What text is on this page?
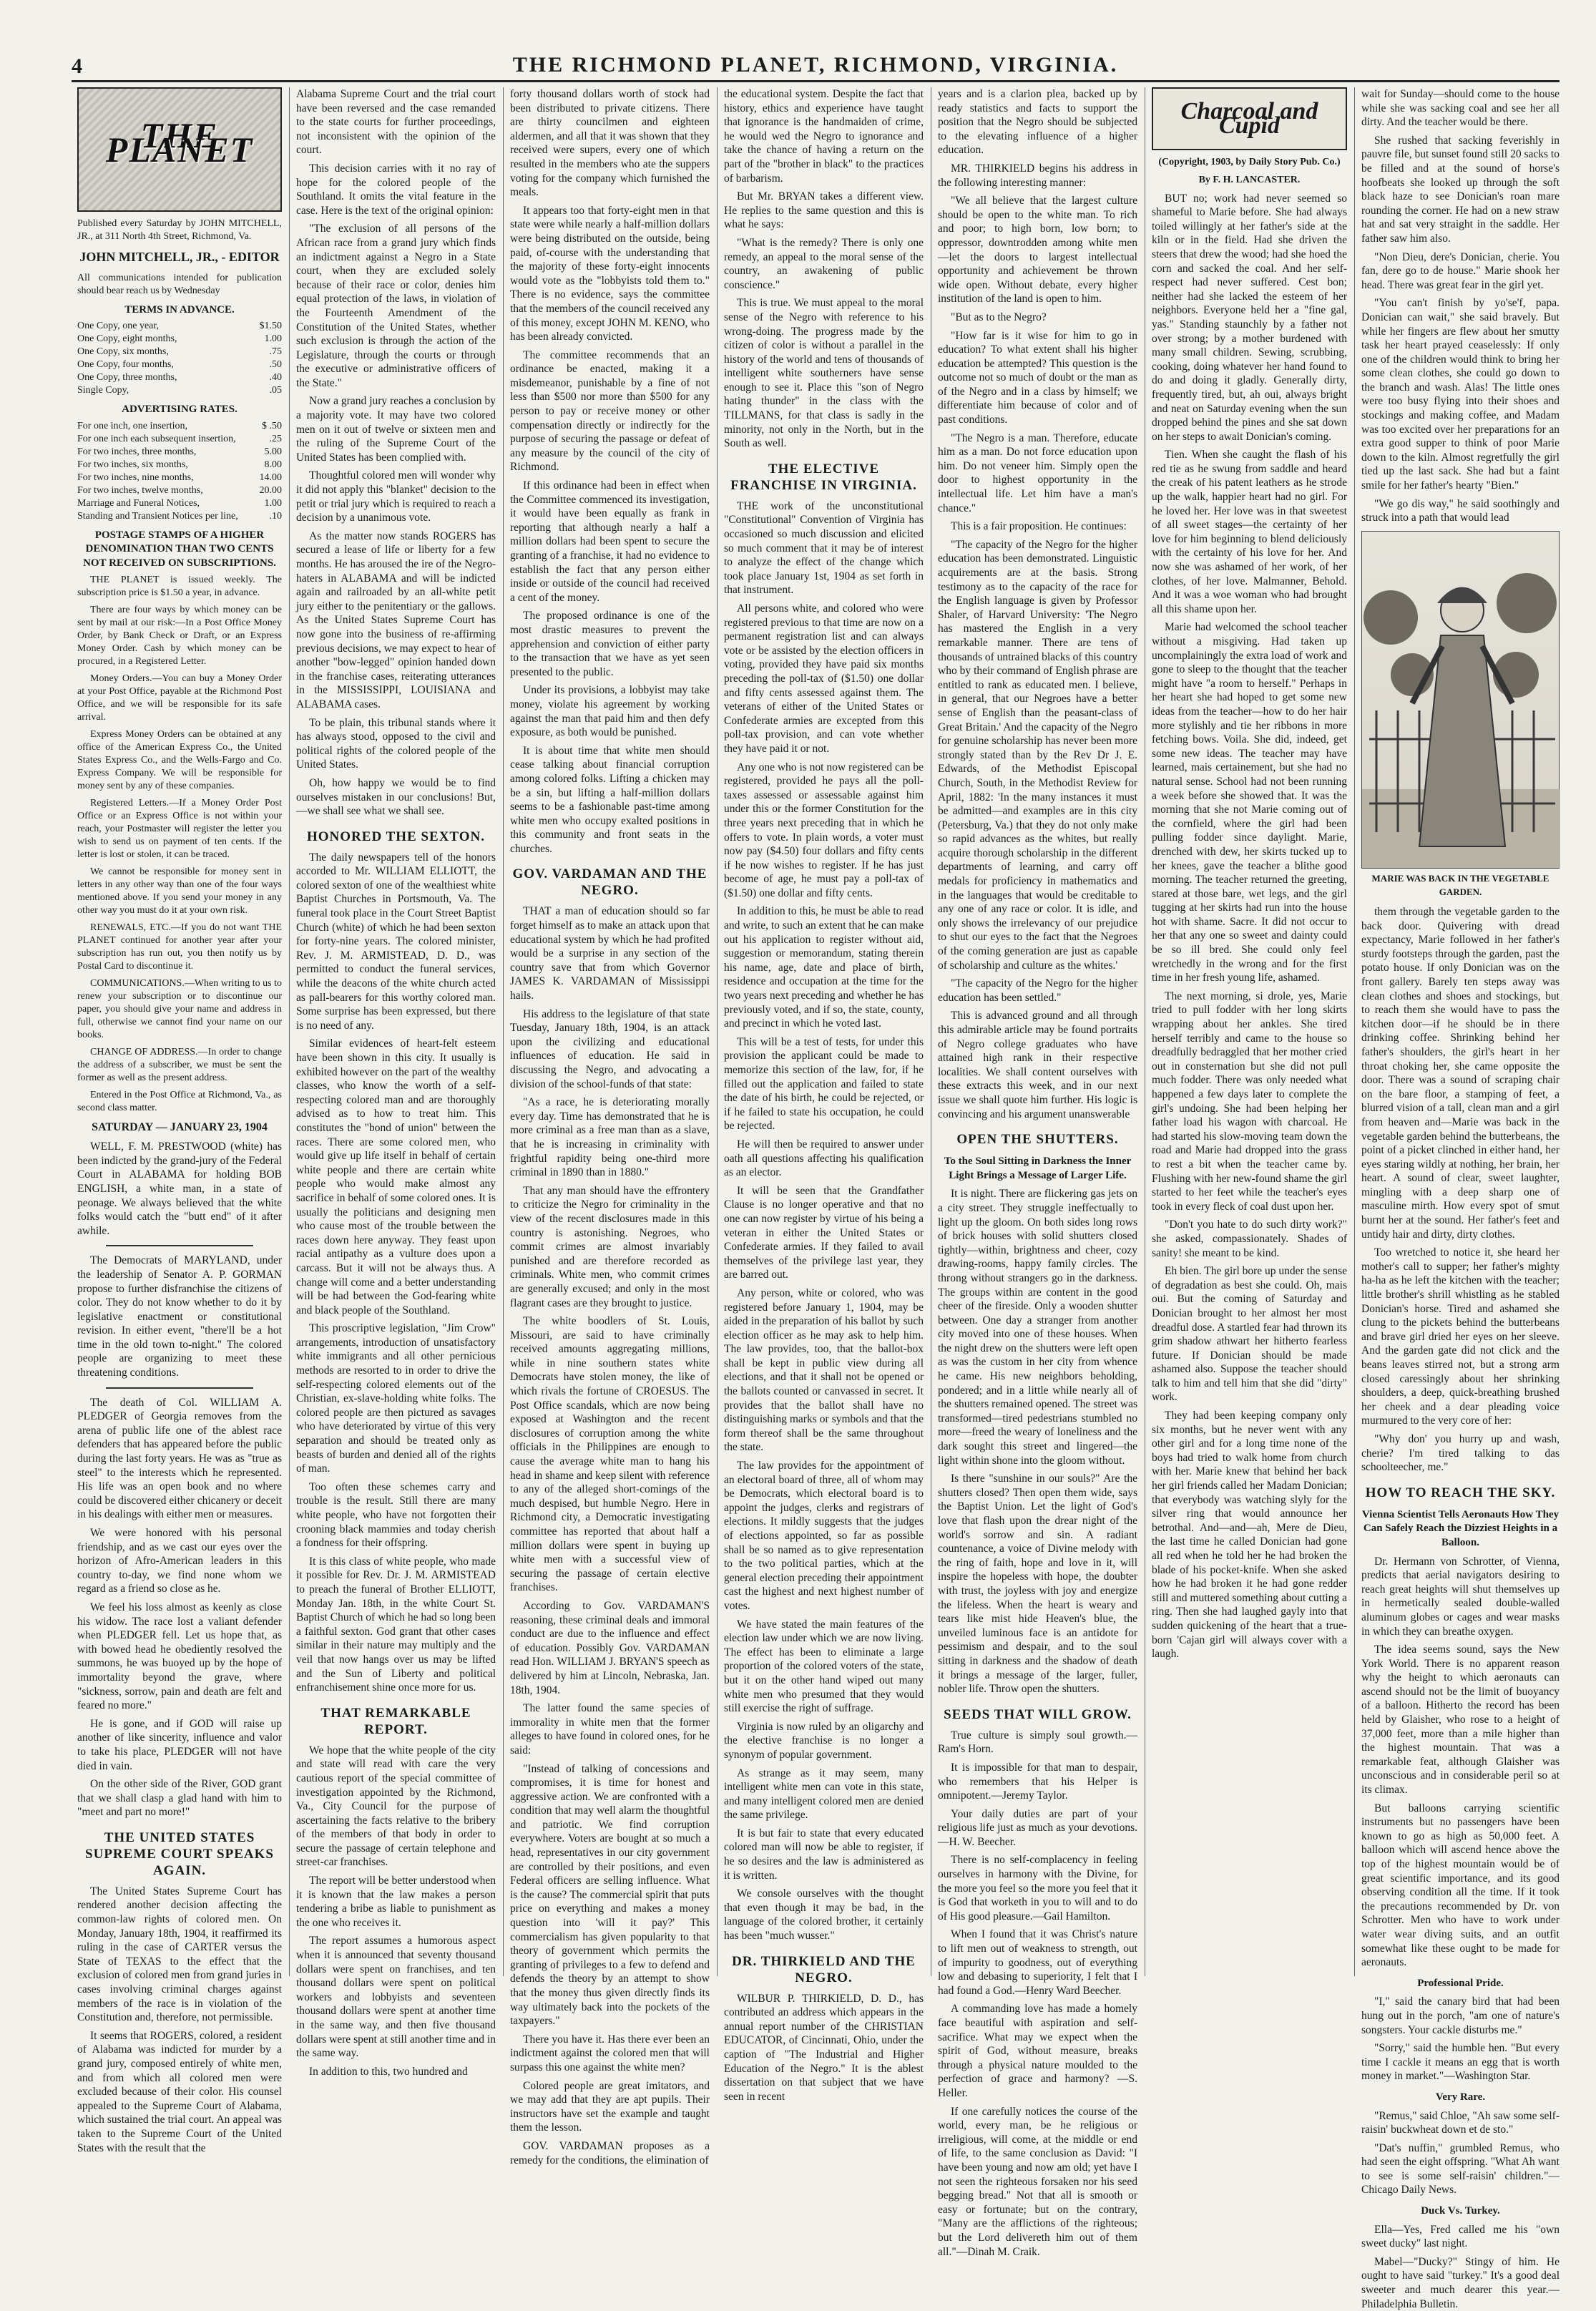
4	THE RICHMOND PLANET, RICHMOND, VIRGINIA.
THE PLANET

Published every Saturday by JOHN MITCHELL, JR., at 311 North 4th Street, Richmond, Va.

JOHN MITCHELL, JR., - EDITOR

All communications intended for publication should bear reach us by Wednesday

TERMS IN ADVANCE.
One Copy, one year,	$1.50
One Copy, eight months,	1.00
One Copy, six months,	.75
One Copy, four months,	.50
One Copy, three months,	.40
Single Copy,	.05
ADVERTISING RATES.
For one inch, one insertion,	$ .50
For one inch each subsequent insertion,	.25
For two inches, three months,	5.00
For two inches, six months,	8.00
For two inches, nine months,	14.00
For two inches, twelve months,	20.00
Marriage and Funeral Notices,	1.00
Standing and Transient Notices per line,	.10
POSTAGE STAMPS OF A HIGHER DENOMINATION THAN TWO CENTS NOT RECEIVED ON SUBSCRIPTIONS.

THE PLANET is issued weekly. The subscription price is $1.50 a year, in advance.

There are four ways by which money can be sent by mail at our risk:—In a Post Office Money Order, by Bank Check or Draft, or an Express Money Order. Cash by which money can be procured, in a Registered Letter.

Money Orders.—You can buy a Money Order at your Post Office, payable at the Richmond Post Office, and we will be responsible for its safe arrival.

Express Money Orders can be obtained at any office of the American Express Co., the United States Express Co., and the Wells-Fargo and Co. Express Company. We will be responsible for money sent by any of these companies.

Registered Letters.—If a Money Order Post Office or an Express Office is not within your reach, your Postmaster will register the letter you wish to send us on payment of ten cents. If the letter is lost or stolen, it can be traced.

We cannot be responsible for money sent in letters in any other way than one of the four ways mentioned above. If you send your money in any other way you must do it at your own risk.

RENEWALS, ETC.—If you do not want THE PLANET continued for another year after your subscription has run out, you then notify us by Postal Card to discontinue it.

COMMUNICATIONS.—When writing to us to renew your subscription or to discontinue our paper, you should give your name and address in full, otherwise we cannot find your name on our books.

CHANGE OF ADDRESS.—In order to change the address of a subscriber, we must be sent the former as well as the present address.

Entered in the Post Office at Richmond, Va., as second class matter.

SATURDAY — JANUARY 23, 1904

WELL, F. M. PRESTWOOD (white) has been indicted by the grand-jury of the Federal Court in ALABAMA for holding BOB ENGLISH, a white man, in a state of peonage. We always believed that the white folks would catch the "butt end" of it after awhile.

The Democrats of MARYLAND, under the leadership of Senator A. P. GORMAN propose to further disfranchise the citizens of color. They do not know whether to do it by legislative enactment or constitutional revision. In either event, "there'll be a hot time in the old town to-night." The colored people are organizing to meet these threatening conditions.

The death of Col. WILLIAM A. PLEDGER of Georgia removes from the arena of public life one of the ablest race defenders that has appeared before the public during the last forty years. He was as "true as steel" to the interests which he represented. His life was an open book and no where could be discovered either chicanery or deceit in his dealings with either men or measures.

We were honored with his personal friendship, and as we cast our eyes over the horizon of Afro-American leaders in this country to-day, we find none whom we regard as a friend so close as he.

We feel his loss almost as keenly as close his widow. The race lost a valiant defender when PLEDGER fell. Let us hope that, as with bowed head he obediently resolved the summons, he was buoyed up by the hope of immortality beyond the grave, where "sickness, sorrow, pain and death are felt and feared no more."

He is gone, and if GOD will raise up another of like sincerity, influence and valor to take his place, PLEDGER will not have died in vain.

On the other side of the River, GOD grant that we shall clasp a glad hand with him to "meet and part no more!"

THE UNITED STATES SUPREME COURT SPEAKS AGAIN.

The United States Supreme Court has rendered another decision affecting the common-law rights of colored men. On Monday, January 18th, 1904, it reaffirmed its ruling in the case of CARTER versus the State of TEXAS to the effect that the exclusion of colored men from grand juries in cases involving criminal charges against members of the race is in violation of the Constitution and, therefore, not permissible.

It seems that ROGERS, colored, a resident of Alabama was indicted for murder by a grand jury, composed entirely of white men, and from which all colored men were excluded because of their color. His counsel appealed to the Supreme Court of Alabama, which sustained the trial court. An appeal was taken to the Supreme Court of the United States with the result that the

Alabama Supreme Court and the trial court have been reversed and the case remanded to the state courts for further proceedings, not inconsistent with the opinion of the court.

This decision carries with it no ray of hope for the colored people of the Southland. It omits the vital feature in the case. Here is the text of the original opinion:

"The exclusion of all persons of the African race from a grand jury which finds an indictment against a Negro in a State court, when they are excluded solely because of their race or color, denies him equal protection of the laws, in violation of the Fourteenth Amendment of the Constitution of the United States, whether such exclusion is through the action of the Legislature, through the courts or through the executive or administrative officers of the State."

Now a grand jury reaches a conclusion by a majority vote. It may have two colored men on it out of twelve or sixteen men and the ruling of the Supreme Court of the United States has been complied with.

Thoughtful colored men will wonder why it did not apply this "blanket" decision to the petit or trial jury which is required to reach a decision by a unanimous vote.

As the matter now stands ROGERS has secured a lease of life or liberty for a few months. He has aroused the ire of the Negro-haters in ALABAMA and will be indicted again and railroaded by an all-white petit jury either to the penitentiary or the gallows. As the United States Supreme Court has now gone into the business of re-affirming previous decisions, we may expect to hear of another "bow-legged" opinion handed down in the franchise cases, reiterating utterances in the MISSISSIPPI, LOUISIANA and ALABAMA cases.

To be plain, this tribunal stands where it has always stood, opposed to the civil and political rights of the colored people of the United States.

Oh, how happy we would be to find ourselves mistaken in our conclusions! But,—we shall see what we shall see.

HONORED THE SEXTON.

The daily newspapers tell of the honors accorded to Mr. WILLIAM ELLIOTT, the colored sexton of one of the wealthiest white Baptist Churches in Portsmouth, Va. The funeral took place in the Court Street Baptist Church (white) of which he had been sexton for forty-nine years. The colored minister, Rev. J. M. ARMISTEAD, D. D., was permitted to conduct the funeral services, while the deacons of the white church acted as pall-bearers for this worthy colored man. Some surprise has been expressed, but there is no need of any.

Similar evidences of heart-felt esteem have been shown in this city. It usually is exhibited however on the part of the wealthy classes, who know the worth of a self-respecting colored man and are thoroughly advised as to how to treat him. This constitutes the "bond of union" between the races. There are some colored men, who would give up life itself in behalf of certain white people and there are certain white people who would make almost any sacrifice in behalf of some colored ones. It is usually the politicians and designing men who cause most of the trouble between the races down here anyway. They feast upon racial antipathy as a vulture does upon a carcass. But it will not be always thus. A change will come and a better understanding will be had between the God-fearing white and black people of the Southland.

This proscriptive legislation, "Jim Crow" arrangements, introduction of unsatisfactory white immigrants and all other pernicious methods are resorted to in order to drive the self-respecting colored elements out of the Christian, ex-slave-holding white folks. The colored people are then pictured as savages who have deteriorated by virtue of this very separation and should be treated only as beasts of burden and denied all of the rights of man.

Too often these schemes carry and trouble is the result. Still there are many white people, who have not forgotten their crooning black mammies and today cherish a fondness for their offspring.

It is this class of white people, who made it possible for Rev. Dr. J. M. ARMISTEAD to preach the funeral of Brother ELLIOTT, Monday Jan. 18th, in the white Court St. Baptist Church of which he had so long been a faithful sexton. God grant that other cases similar in their nature may multiply and the veil that now hangs over us may be lifted and the Sun of Liberty and political enfranchisement shine once more for us.

THAT REMARKABLE REPORT.

We hope that the white people of the city and state will read with care the very cautious report of the special committee of investigation appointed by the Richmond, Va., City Council for the purpose of ascertaining the facts relative to the bribery of the members of that body in order to secure the passage of certain telephone and street-car franchises.

The report will be better understood when it is known that the law makes a person tendering a bribe as liable to punishment as the one who receives it.

The report assumes a humorous aspect when it is announced that seventy thousand dollars were spent on franchises, and ten thousand dollars were spent on political workers and lobbyists and seventeen thousand dollars were spent at another time in the same way, and then five thousand dollars were spent at still another time and in the same way.

In addition to this, two hundred and

forty thousand dollars worth of stock had been distributed to private citizens. There are thirty councilmen and eighteen aldermen, and all that it was shown that they received were supers, every one of which resulted in the members who ate the suppers voting for the company which furnished the meals.

It appears too that forty-eight men in that state were while nearly a half-million dollars were being distributed on the outside, being paid, of-course with the understanding that the majority of these forty-eight innocents would vote as the "lobbyists told them to." There is no evidence, says the committee that the members of the council received any of this money, except JOHN M. KENO, who has been already convicted.

The committee recommends that an ordinance be enacted, making it a misdemeanor, punishable by a fine of not less than $500 nor more than $500 for any person to pay or receive money or other compensation directly or indirectly for the purpose of securing the passage or defeat of any measure by the council of the city of Richmond.

If this ordinance had been in effect when the Committee commenced its investigation, it would have been equally as frank in reporting that although nearly a half a million dollars had been spent to secure the granting of a franchise, it had no evidence to establish the fact that any person either inside or outside of the council had received a cent of the money.

The proposed ordinance is one of the most drastic measures to prevent the apprehension and conviction of either party to the transaction that we have as yet seen presented to the public.

Under its provisions, a lobbyist may take money, violate his agreement by working against the man that paid him and then defy exposure, as both would be punished.

It is about time that white men should cease talking about financial corruption among colored folks. Lifting a chicken may be a sin, but lifting a half-million dollars seems to be a fashionable past-time among white men who occupy exalted positions in this community and front seats in the churches.

GOV. VARDAMAN AND THE NEGRO.

THAT a man of education should so far forget himself as to make an attack upon that educational system by which he had profited would be a surprise in any section of the country save that from which Governor JAMES K. VARDAMAN of Mississippi hails.

His address to the legislature of that state Tuesday, January 18th, 1904, is an attack upon the civilizing and educational influences of education. He said in discussing the Negro, and advocating a division of the school-funds of that state:

"As a race, he is deteriorating morally every day. Time has demonstrated that he is more criminal as a free man than as a slave, that he is increasing in criminality with frightful rapidity being one-third more criminal in 1890 than in 1880."

That any man should have the effrontery to criticize the Negro for criminality in the view of the recent disclosures made in this country is astonishing. Negroes, who commit crimes are almost invariably punished and are therefore recorded as criminals. White men, who commit crimes are generally excused; and only in the most flagrant cases are they brought to justice.

The white boodlers of St. Louis, Missouri, are said to have criminally received amounts aggregating millions, while in nine southern states white Democrats have stolen money, the like of which rivals the fortune of CROESUS. The Post Office scandals, which are now being exposed at Washington and the recent disclosures of corruption among the white officials in the Philippines are enough to cause the average white man to hang his head in shame and keep silent with reference to any of the alleged short-comings of the much despised, but humble Negro. Here in Richmond city, a Democratic investigating committee has reported that about half a million dollars were spent in buying up white men with a successful view of securing the passage of certain elective franchises.

According to Gov. VARDAMAN'S reasoning, these criminal deals and immoral conduct are due to the influence and effect of education. Possibly Gov. VARDAMAN read Hon. WILLIAM J. BRYAN'S speech as delivered by him at Lincoln, Nebraska, Jan. 18th, 1904.

The latter found the same species of immorality in white men that the former alleges to have found in colored ones, for he said:

"Instead of talking of concessions and compromises, it is time for honest and aggressive action. We are confronted with a condition that may well alarm the thoughtful and patriotic. We find corruption everywhere. Voters are bought at so much a head, representatives in our city government are controlled by their positions, and even Federal officers are selling influence. What is the cause? The commercial spirit that puts price on everything and makes a money question into 'will it pay?' This commercialism has given popularity to that theory of government which permits the granting of privileges to a few to defend and defends the theory by an attempt to show that the money thus given directly finds its way ultimately back into the pockets of the taxpayers."

There you have it. Has there ever been an indictment against the colored men that will surpass this one against the white men?

Colored people are great imitators, and we may add that they are apt pupils. Their instructors have set the example and taught them the lesson.

GOV. VARDAMAN proposes as a remedy for the conditions, the elimination of

the educational system. Despite the fact that history, ethics and experience have taught that ignorance is the handmaiden of crime, he would wed the Negro to ignorance and take the chance of having a return on the part of the "brother in black" to the practices of barbarism.

But Mr. BRYAN takes a different view. He replies to the same question and this is what he says:

"What is the remedy? There is only one remedy, an appeal to the moral sense of the country, an awakening of public conscience."

This is true. We must appeal to the moral sense of the Negro with reference to his wrong-doing. The progress made by the citizen of color is without a parallel in the history of the world and tens of thousands of intelligent white southerners have sense enough to see it. Place this "son of Negro hating thunder" in the class with the TILLMANS, for that class is sadly in the minority, not only in the North, but in the South as well.

THE ELECTIVE FRANCHISE IN VIRGINIA.

THE work of the unconstitutional "Constitutional" Convention of Virginia has occasioned so much discussion and elicited so much comment that it may be of interest to analyze the effect of the change which took place January 1st, 1904 as set forth in that instrument.

All persons white, and colored who were registered previous to that time are now on a permanent registration list and can always vote or be assisted by the election officers in voting, provided they have paid six months preceding the poll-tax of ($1.50) one dollar and fifty cents assessed against them. The veterans of either of the United States or Confederate armies are excepted from this poll-tax provision, and can vote whether they have paid it or not.

Any one who is not now registered can be registered, provided he pays all the poll-taxes assessed or assessable against him under this or the former Constitution for the three years next preceding that in which he offers to vote. In plain words, a voter must now pay ($4.50) four dollars and fifty cents if he now wishes to register. If he has just become of age, he must pay a poll-tax of ($1.50) one dollar and fifty cents.

In addition to this, he must be able to read and write, to such an extent that he can make out his application to register without aid, suggestion or memorandum, stating therein his name, age, date and place of birth, residence and occupation at the time for the two years next preceding and whether he has previously voted, and if so, the state, county, and precinct in which he voted last.

This will be a test of tests, for under this provision the applicant could be made to memorize this section of the law, for, if he filled out the application and failed to state the date of his birth, he could be rejected, or if he failed to state his occupation, he could be rejected.

He will then be required to answer under oath all questions affecting his qualification as an elector.

It will be seen that the Grandfather Clause is no longer operative and that no one can now register by virtue of his being a veteran in either the United States or Confederate armies. If they failed to avail themselves of the privilege last year, they are barred out.

Any person, white or colored, who was registered before January 1, 1904, may be aided in the preparation of his ballot by such election officer as he may ask to help him. The law provides, too, that the ballot-box shall be kept in public view during all elections, and that it shall not be opened or the ballots counted or canvassed in secret. It provides that the ballot shall have no distinguishing marks or symbols and that the form thereof shall be the same throughout the state.

The law provides for the appointment of an electoral board of three, all of whom may be Democrats, which electoral board is to appoint the judges, clerks and registrars of elections. It mildly suggests that the judges of elections appointed, so far as possible shall be so named as to give representation to the two political parties, which at the general election preceding their appointment cast the highest and next highest number of votes.

We have stated the main features of the election law under which we are now living. The effect has been to eliminate a large proportion of the colored voters of the state, but it on the other hand wiped out many white men who presumed that they would still exercise the right of suffrage.

Virginia is now ruled by an oligarchy and the elective franchise is no longer a synonym of popular government.

As strange as it may seem, many intelligent white men can vote in this state, and many intelligent colored men are denied the same privilege.

It is but fair to state that every educated colored man will now be able to register, if he so desires and the law is administered as it is written.

We console ourselves with the thought that even though it may be bad, in the language of the colored brother, it certainly has been "much wusser."

DR. THIRKIELD AND THE NEGRO.

WILBUR P. THIRKIELD, D. D., has contributed an address which appears in the annual report number of the CHRISTIAN EDUCATOR, of Cincinnati, Ohio, under the caption of "The Industrial and Higher Education of the Negro." It is the ablest dissertation on that subject that we have seen in recent

years and is a clarion plea, backed up by ready statistics and facts to support the position that the Negro should be subjected to the elevating influence of a higher education.

MR. THIRKIELD begins his address in the following interesting manner:

"We all believe that the largest culture should be open to the white man. To rich and poor; to high born, low born; to oppressor, downtrodden among white men—let the doors to largest intellectual opportunity and achievement be thrown wide open. Without debate, every higher institution of the land is open to him.

"But as to the Negro?

"How far is it wise for him to go in education? To what extent shall his higher education be attempted? This question is the outcome not so much of doubt or the man as of the Negro and in a class by himself; we differentiate him because of color and of past conditions.

"The Negro is a man. Therefore, educate him as a man. Do not force education upon him. Do not veneer him. Simply open the door to highest opportunity in the intellectual life. Let him have a man's chance."

This is a fair proposition. He continues:

"The capacity of the Negro for the higher education has been demonstrated. Linguistic acquirements are at the basis. Strong testimony as to the capacity of the race for the English language is given by Professor Shaler, of Harvard University: 'The Negro has mastered the English in a very remarkable manner. There are tens of thousands of untrained blacks of this country who by their command of English phrase are entitled to rank as educated men. I believe, in general, that our Negroes have a better sense of English than the peasant-class of Great Britain.' And the capacity of the Negro for genuine scholarship has never been more strongly stated than by the Rev Dr J. E. Edwards, of the Methodist Episcopal Church, South, in the Methodist Review for April, 1882: 'In the many instances it must be admitted—and examples are in this city (Petersburg, Va.) that they do not only make so rapid advances as the whites, but really acquire thorough scholarship in the different departments of learning, and carry off medals for proficiency in mathematics and in the languages that would be creditable to any one of any race or color. It is idle, and only shows the irrelevancy of our prejudice to shut our eyes to the fact that the Negroes of the coming generation are just as capable of scholarship and culture as the whites.'

"The capacity of the Negro for the higher education has been settled."

This is advanced ground and all through this admirable article may be found portraits of Negro college graduates who have attained high rank in their respective localities. We shall content ourselves with these extracts this week, and in our next issue we shall quote him further. His logic is convincing and his argument unanswerable

OPEN THE SHUTTERS.
To the Soul Sitting in Darkness the Inner Light Brings a Message of Larger Life.

It is night. There are flickering gas jets on a city street. They struggle ineffectually to light up the gloom. On both sides long rows of brick houses with solid shutters closed tightly—within, brightness and cheer, cozy drawing-rooms, happy family circles. The throng without strangers go in the darkness. The groups within are content in the good cheer of the fireside. Only a wooden shutter between. One day a stranger from another city moved into one of these houses. When the night drew on the shutters were left open as was the custom in her city from whence he came. His new neighbors beholding, pondered; and in a little while nearly all of the shutters remained opened. The street was transformed—tired pedestrians stumbled no more—freed the weary of loneliness and the dark sought this street and lingered—the light within shone into the gloom without.

Is there "sunshine in our souls?" Are the shutters closed? Then open them wide, says the Baptist Union. Let the light of God's love that flash upon the drear night of the world's sorrow and sin. A radiant countenance, a voice of Divine melody with the ring of faith, hope and love in it, will inspire the hopeless with hope, the doubter with trust, the joyless with joy and energize the lifeless. When the heart is weary and tears like mist hide Heaven's blue, the unveiled luminous face is an antidote for pessimism and despair, and to the soul sitting in darkness and the shadow of death it brings a message of the larger, fuller, nobler life. Throw open the shutters.

SEEDS THAT WILL GROW.

True culture is simply soul growth.—Ram's Horn.

It is impossible for that man to despair, who remembers that his Helper is omnipotent.—Jeremy Taylor.

Your daily duties are part of your religious life just as much as your devotions.—H. W. Beecher.

There is no self-complacency in feeling ourselves in harmony with the Divine, for the more you feel so the more you feel that it is God that worketh in you to will and to do of His good pleasure.—Gail Hamilton.

When I found that it was Christ's nature to lift men out of weakness to strength, out of impurity to goodness, out of everything low and debasing to superiority, I felt that I had found a God.—Henry Ward Beecher.

A commanding love has made a homely face beautiful with aspiration and self-sacrifice. What may we expect when the spirit of God, without measure, breaks through a physical nature moulded to the perfection of grace and harmony? —S. Heller.

If one carefully notices the course of the world, every man, be he religious or irreligious, will come, at the middle or end of life, to the same conclusion as David: "I have been young and now am old; yet have I not seen the righteous forsaken nor his seed begging bread." Not that all is smooth or easy or fortunate; but on the contrary, "Many are the afflictions of the righteous; but the Lord delivereth him out of them all."—Dinah M. Craik.

Charcoal and Cupid
(Copyright, 1903, by Daily Story Pub. Co.)
By F. H. LANCASTER.

BUT no; work had never seemed so shameful to Marie before. She had always toiled willingly at her father's side at the kiln or in the field. Had she driven the steers that drew the wood; had she hoed the corn and sacked the coal. And her self-respect had never suffered. Cest bon; neither had she lacked the esteem of her neighbors. Everyone held her a "fine gal, yas." Standing staunchly by a father not over strong; by a mother burdened with many small children. Sewing, scrubbing, cooking, doing whatever her hand found to do and doing it gladly. Generally dirty, frequently tired, but, ah oui, always bright and neat on Saturday evening when the sun dropped behind the pines and she sat down on her steps to await Donician's coming.

Tien. When she caught the flash of his red tie as he swung from saddle and heard the creak of his patent leathers as he strode up the walk, happier heart had no girl. For he loved her. Her love was in that sweetest of all sweet stages—the certainty of her love for him beginning to blend deliciously with the certainty of his love for her. And now she was ashamed of her work, of her clothes, of her love. Malmanner, Behold. And it was a woe woman who had brought all this shame upon her.

Marie had welcomed the school teacher without a misgiving. Had taken up uncomplainingly the extra load of work and gone to sleep to the thought that the teacher might have "a room to herself." Perhaps in her heart she had hoped to get some new ideas from the teacher—how to do her hair more stylishly and tie her ribbons in more fetching bows. Voila. She did, indeed, get some new ideas. The teacher may have learned, mais certainement, but she had no natural sense. School had not been running a week before she showed that. It was the morning that she not Marie coming out of the cornfield, where the girl had been pulling fodder since daylight. Marie, drenched with dew, her skirts tucked up to her knees, gave the teacher a blithe good morning. The teacher returned the greeting, stared at those bare, wet legs, and the girl tugging at her skirts had run into the house hot with shame. Sacre. It did not occur to her that any one so sweet and dainty could be so ill bred. She could only feel wretchedly in the wrong and for the first time in her fresh young life, ashamed.

The next morning, si drole, yes, Marie tried to pull fodder with her long skirts wrapping about her ankles. She tired herself terribly and came to the house so dreadfully bedraggled that her mother cried out in consternation but she did not pull much fodder. There was only needed what happened a few days later to complete the girl's undoing. She had been helping her father load his wagon with charcoal. He had started his slow-moving team down the road and Marie had dropped into the grass to rest a bit when the teacher came by. Flushing with her new-found shame the girl started to her feet while the teacher's eyes took in every fleck of coal dust upon her.

"Don't you hate to do such dirty work?" she asked, compassionately. Shades of sanity! she meant to be kind.

Eh bien. The girl bore up under the sense of degradation as best she could. Oh, mais oui. But the coming of Saturday and Donician brought to her almost her most dreadful dose. A startled fear had thrown its grim shadow athwart her hitherto fearless future. If Donician should be made ashamed also. Suppose the teacher should talk to him and tell him that she did "dirty" work.

They had been keeping company only six months, but he never went with any other girl and for a long time none of the boys had tried to walk home from church with her. Marie knew that behind her back her girl friends called her Madam Donician; that everybody was watching slyly for the silver ring that would announce her betrothal. And—and—ah, Mere de Dieu, the last time he called Donician had gone all red when he told her he had broken the blade of his pocket-knife. When she asked how he had broken it he had gone redder still and muttered something about cutting a ring. Then she had laughed gayly into that sudden quickening of the heart that a true-born 'Cajan girl will always cover with a laugh.

wait for Sunday—should come to the house while she was sacking coal and see her all dirty. And the teacher would be there.

She rushed that sacking feverishly in pauvre file, but sunset found still 20 sacks to be filled and at the sound of horse's hoofbeats she looked up through the soft black haze to see Donician's roan mare rounding the corner. He had on a new straw hat and sat very straight in the saddle. Her father saw him also.

"Non Dieu, dere's Donician, cherie. You fan, dere go to de house." Marie shook her head. There was great fear in the girl yet.

"You can't finish by yo'se'f, papa. Donician can wait," she said bravely. But while her fingers are flew about her smutty task her heart prayed ceaselessly: If only one of the children would think to bring her some clean clothes, she could go down to the branch and wash. Alas! The little ones were too busy flying into their shoes and stockings and making coffee, and Madam was too excited over her preparations for an extra good supper to think of poor Marie down to the kiln. Almost regretfully the girl tied up the last sack. She had but a faint smile for her father's hearty "Bien."

"We go dis way," he said soothingly and struck into a path that would lead

MARIE WAS BACK IN THE VEGETABLE GARDEN.

them through the vegetable garden to the back door. Quivering with dread expectancy, Marie followed in her father's sturdy footsteps through the garden, past the potato house. If only Donician was on the front gallery. Barely ten steps away was clean clothes and shoes and stockings, but to reach them she would have to pass the kitchen door—if he should be in there drinking coffee. Shrinking behind her father's shoulders, the girl's heart in her throat choking her, she came opposite the door. There was a sound of scraping chair on the bare floor, a stamping of feet, a blurred vision of a tall, clean man and a girl from heaven and—Marie was back in the vegetable garden behind the butterbeans, the point of a picket clinched in either hand, her eyes staring wildly at nothing, her brain, her heart. A sound of clear, sweet laughter, mingling with a deep sharp one of masculine mirth. How every spot of smut burnt her at the sound. Her father's feet and untidy hair and dirty, dirty clothes.

Too wretched to notice it, she heard her mother's call to supper; her father's mighty ha-ha as he left the kitchen with the teacher; little brother's shrill whistling as he stabled Donician's horse. Tired and ashamed she clung to the pickets behind the butterbeans and brave girl dried her eyes on her sleeve. And the garden gate did not click and the beans leaves stirred not, but a strong arm closed caressingly about her shrinking shoulders, a deep, quick-breathing brushed her cheek and a dear pleading voice murmured to the very core of her:

"Why don' you hurry up and wash, cherie? I'm tired talking to das schoolteecher, me."

HOW TO REACH THE SKY.
Vienna Scientist Tells Aeronauts How They Can Safely Reach the Dizziest Heights in a Balloon.

Dr. Hermann von Schrotter, of Vienna, predicts that aerial navigators desiring to reach great heights will shut themselves up in hermetically sealed double-walled aluminum globes or cages and wear masks in which they can breathe oxygen.

The idea seems sound, says the New York World. There is no apparent reason why the height to which aeronauts can ascend should not be the limit of buoyancy of a balloon. Hitherto the record has been held by Glaisher, who rose to a height of 37,000 feet, more than a mile higher than the highest mountain. That was a remarkable feat, although Glaisher was unconscious and in considerable peril so at its climax.

But balloons carrying scientific instruments but no passengers have been known to go as high as 50,000 feet. A balloon which will ascend hence above the top of the highest mountain would be of great scientific importance, and its good observing condition all the time. If it took the precautions recommended by Dr. von Schrotter. Men who have to work under water wear diving suits, and an outfit somewhat like these ought to be made for aeronauts.

Professional Pride.

"I," said the canary bird that had been hung out in the porch, "am one of nature's songsters. Your cackle disturbs me."

"Sorry," said the humble hen. "But every time I cackle it means an egg that is worth money in market."—Washington Star.

Very Rare.

"Remus," said Chloe, "Ah saw some self-raisin' buckwheat down et de sto."

"Dat's nuffin," grumbled Remus, who had seen the eight offspring. "What Ah want to see is some self-raisin' children."—Chicago Daily News.

Duck Vs. Turkey.

Ella—Yes, Fred called me his "own sweet ducky" last night.

Mabel—"Ducky?" Stingy of him. He ought to have said "turkey." It's a good deal sweeter and much dearer this year.—Philadelphia Bulletin.
